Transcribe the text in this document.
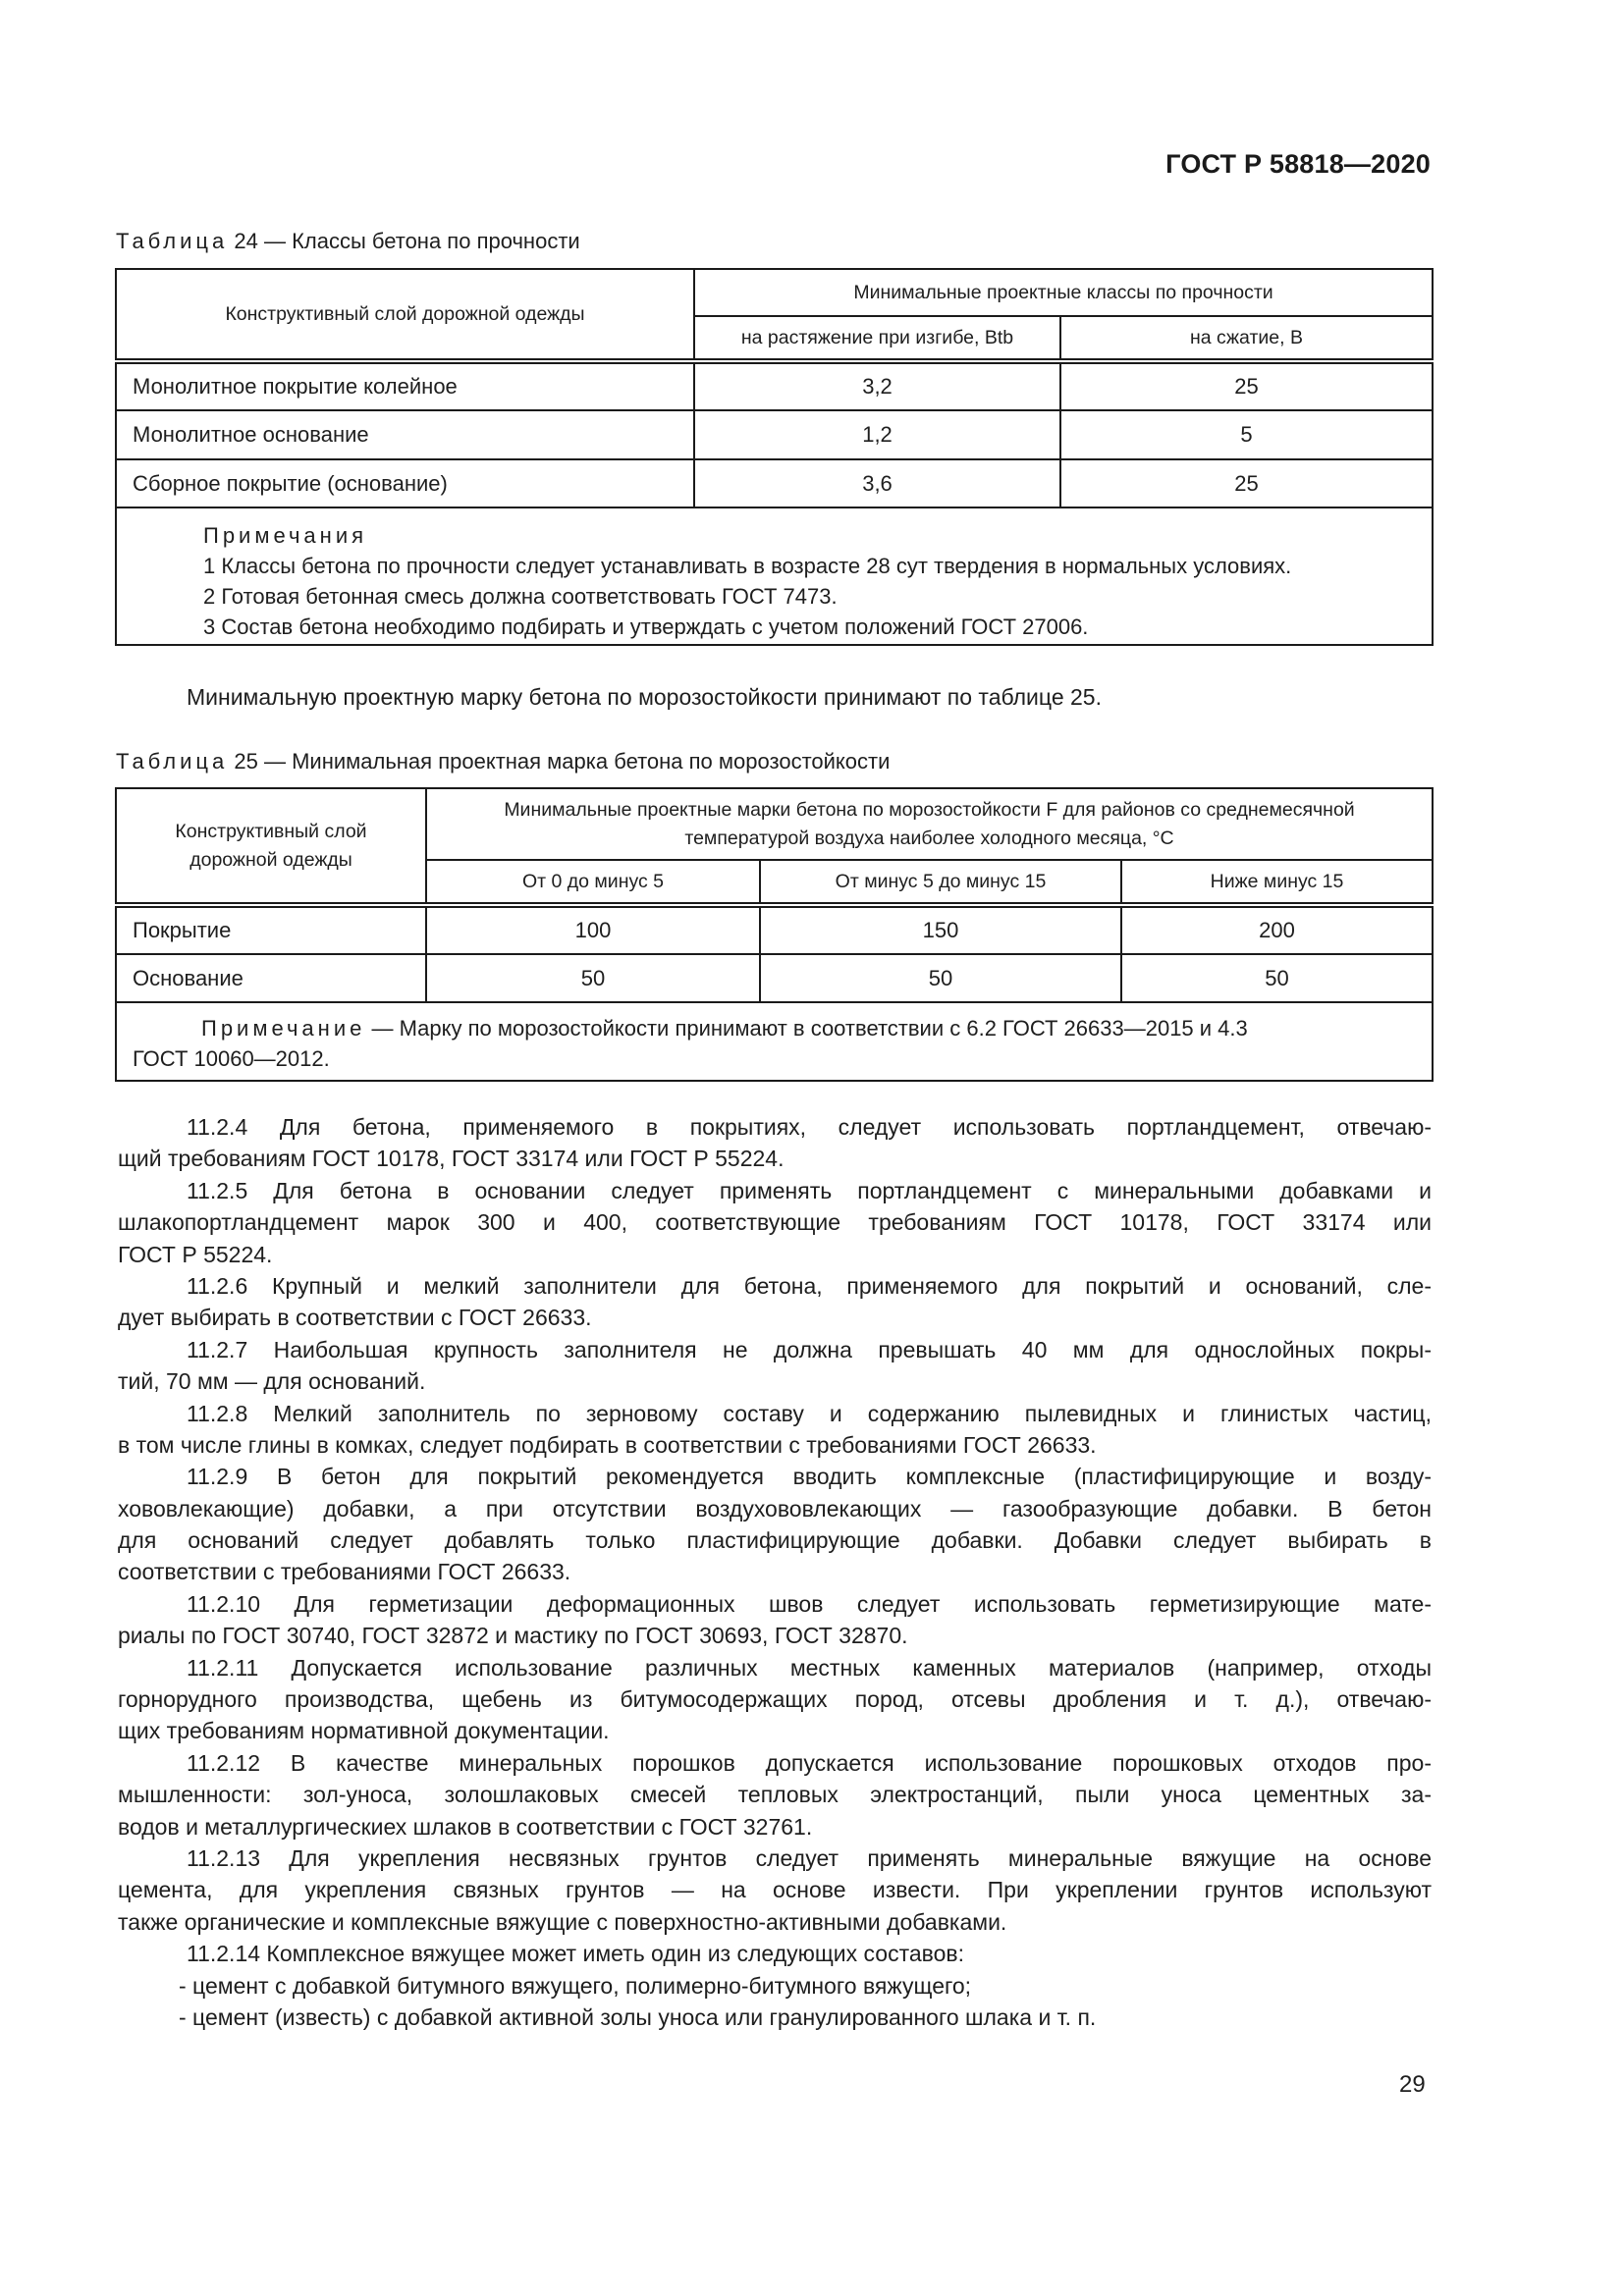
ГОСТ Р 58818—2020
Таблица 24 — Классы бетона по прочности
Конструктивный слой дорожной одежды	Минимальные проектные классы по прочности	
	на растяжение при изгибе, Btb	на сжатие, В
Монолитное покрытие колейное	3,2	25
Монолитное основание	1,2	5
Сборное покрытие (основание)	3,6	25

Примечания
1 Классы бетона по прочности следует устанавливать в возрасте 28 сут твердения в нормальных условиях.
2 Готовая бетонная смесь должна соответствовать ГОСТ 7473.
3 Состав бетона необходимо подбирать и утверждать с учетом положений ГОСТ 27006.		
Минимальную проектную марку бетона по морозостойкости принимают по таблице 25.
Таблица 25 — Минимальная проектная марка бетона по морозостойкости
Конструктивный слой
дорожной одежды

Минимальные проектные марки бетона по морозостойкости F для районов со среднемесячной
температурой воздуха наиболее холодного месяца, °С

	От 0 до минус 5	От минус 5 до минус 15	Ниже минус 15
Покрытие	100	150	200
Основание	50	50	50

Примечание — Марку по морозостойкости принимают в соответствии с 6.2 ГОСТ 26633—2015 и 4.3
ГОСТ 10060—2012.			
11.2.4 Для бетона, применяемого в покрытиях, следует использовать портландцемент, отвечаю-
щий требованиям ГОСТ 10178, ГОСТ 33174 или ГОСТ Р 55224.
11.2.5 Для бетона в основании следует применять портландцемент с минеральными добавками и
шлакопортландцемент марок 300 и 400, соответствующие требованиям ГОСТ 10178, ГОСТ 33174 или
ГОСТ Р 55224.
11.2.6 Крупный и мелкий заполнители для бетона, применяемого для покрытий и оснований, сле-
дует выбирать в соответствии с ГОСТ 26633.
11.2.7 Наибольшая крупность заполнителя не должна превышать 40 мм для однослойных покры-
тий, 70 мм — для оснований.
11.2.8 Мелкий заполнитель по зерновому составу и содержанию пылевидных и глинистых частиц,
в том числе глины в комках, следует подбирать в соответствии с требованиями ГОСТ 26633.
11.2.9 В бетон для покрытий рекомендуется вводить комплексные (пластифицирующие и возду-
хововлекающие) добавки, а при отсутствии воздухововлекающих — газообразующие добавки. В бетон
для оснований следует добавлять только пластифицирующие добавки. Добавки следует выбирать в
соответствии с требованиями ГОСТ 26633.
11.2.10 Для герметизации деформационных швов следует использовать герметизирующие мате-
риалы по ГОСТ 30740, ГОСТ 32872 и мастику по ГОСТ 30693, ГОСТ 32870.
11.2.11 Допускается использование различных местных каменных материалов (например, отходы
горнорудного производства, щебень из битумосодержащих пород, отсевы дробления и т. д.), отвечаю-
щих требованиям нормативной документации.
11.2.12 В качестве минеральных порошков допускается использование порошковых отходов про-
мышленности: зол-уноса, золошлаковых смесей тепловых электростанций, пыли уноса цементных за-
водов и металлургическиех шлаков в соответствии с ГОСТ 32761.
11.2.13 Для укрепления несвязных грунтов следует применять минеральные вяжущие на основе
цемента, для укрепления связных грунтов — на основе извести. При укреплении грунтов используют
также органические и комплексные вяжущие с поверхностно-активными добавками.
11.2.14 Комплексное вяжущее может иметь один из следующих составов:
- цемент с добавкой битумного вяжущего, полимерно-битумного вяжущего;
- цемент (известь) с добавкой активной золы уноса или гранулированного шлака и т. п.
29
